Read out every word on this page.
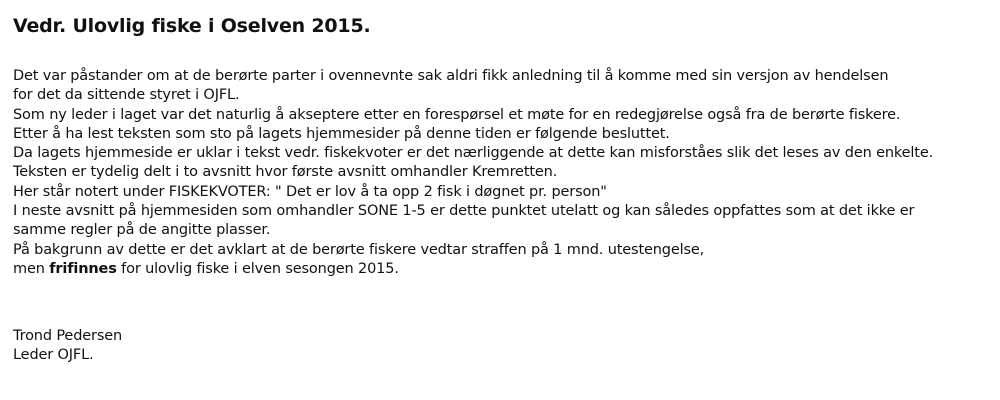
Vedr. Ulovlig fiske i Oselven 2015.
Det var påstander om at de berørte parter i ovennevnte sak aldri fikk anledning til å komme med sin versjon av hendelsen
for det da sittende styret i OJFL.
Som ny leder i laget var det naturlig å akseptere etter en forespørsel et møte for en redegjørelse også fra de berørte fiskere.
Etter å ha lest teksten som sto på lagets hjemmesider på denne tiden er følgende besluttet.
Da lagets hjemmeside er uklar i tekst vedr. fiskekvoter er det nærliggende at dette kan misforståes slik det leses av den enkelte.
Teksten er tydelig delt i to avsnitt hvor første avsnitt omhandler Kremretten.
Her står notert under FISKEKVOTER: " Det er lov å ta opp 2 fisk i døgnet pr. person"
I neste avsnitt på hjemmesiden som omhandler SONE 1-5 er dette punktet utelatt og kan således oppfattes som at det ikke er
samme regler på de angitte plasser.
På bakgrunn av dette er det avklart at de berørte fiskere vedtar straffen på 1 mnd. utestengelse,
men frifinnes for ulovlig fiske i elven sesongen 2015.
Trond Pedersen
Leder OJFL.
